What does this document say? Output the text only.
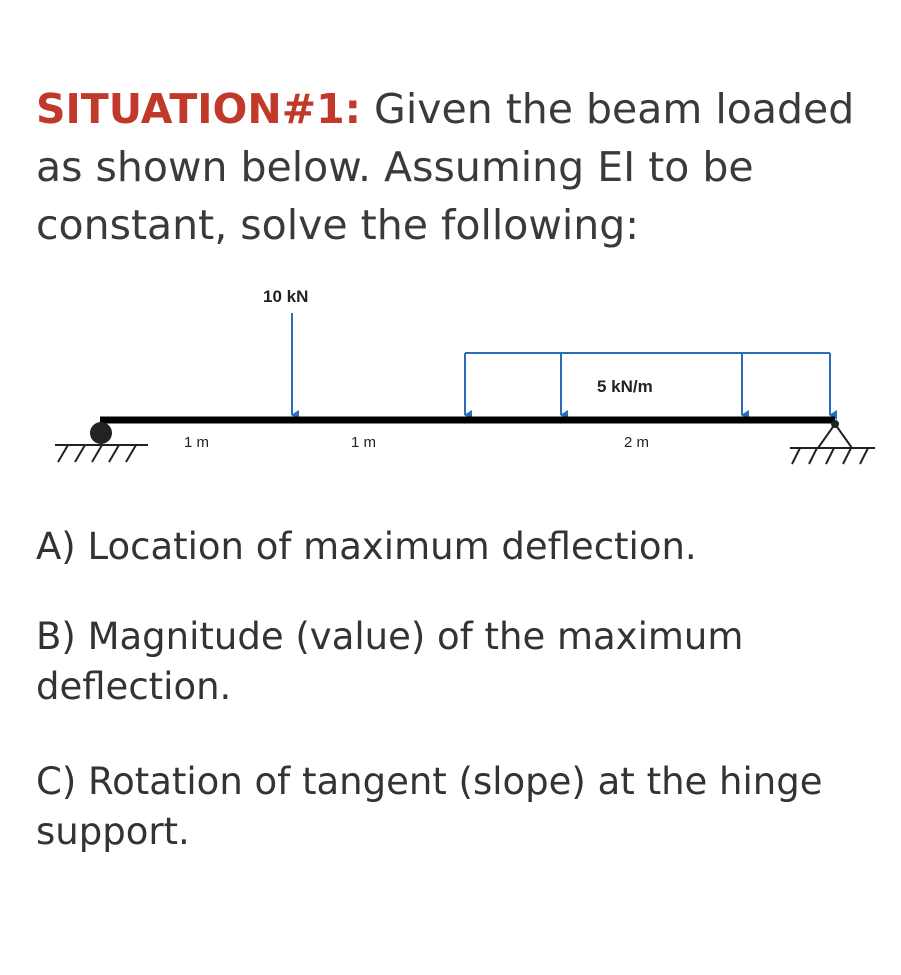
SITUATION#1: Given the beam loaded as shown below. Assuming EI to be constant, solve the following:
10 kN
5 kN/m
1 m	1 m	2 m
A) Location of maximum deflection.
B) Magnitude (value) of the maximum deflection.
C) Rotation of tangent (slope) at the hinge support.
